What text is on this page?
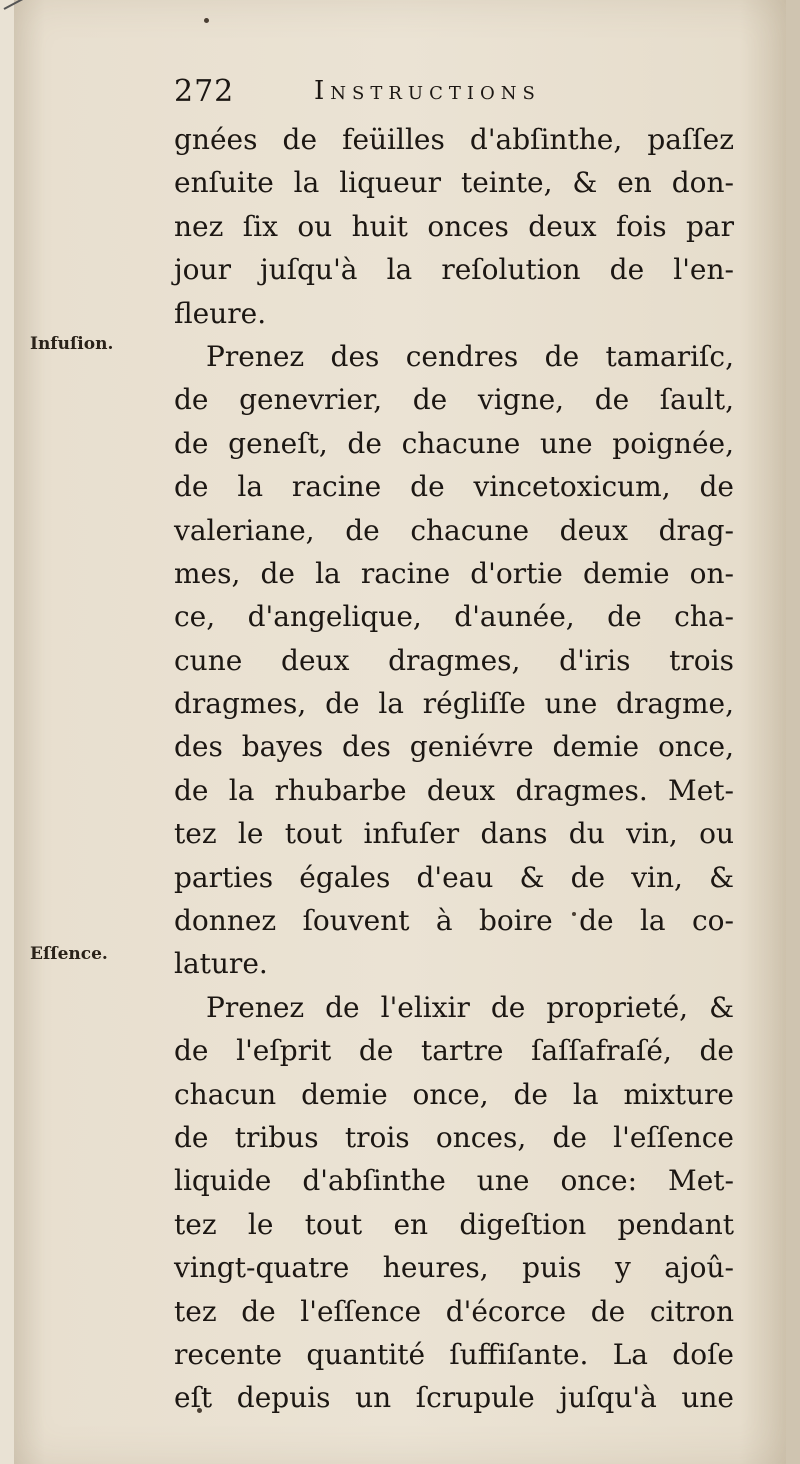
272	Instructions
Infuſion.
Eſſence.
gnées de feüilles d'abſinthe, paſſez
enſuite la liqueur teinte, & en don-
nez ſix ou huit onces deux fois par
jour juſqu'à la reſolution de l'en-
fleure.
Prenez des cendres de tamariſc,
de genevrier, de vigne, de ſault,
de geneſt, de chacune une poignée,
de la racine de vincetoxicum, de
valeriane, de chacune deux drag-
mes, de la racine d'ortie demie on-
ce, d'angelique, d'aunée, de cha-
cune deux dragmes, d'iris trois
dragmes, de la régliſſe une dragme,
des bayes des geniévre demie once,
de la rhubarbe deux dragmes. Met-
tez le tout infuſer dans du vin, ou
parties égales d'eau & de vin, &
donnez ſouvent à boire de la co-
lature.
Prenez de l'elixir de proprieté, &
de l'eſprit de tartre ſaſſafraſé, de
chacun demie once, de la mixture
de tribus trois onces, de l'eſſence
liquide d'abſinthe une once: Met-
tez le tout en digeſtion pendant
vingt-quatre heures, puis y ajoû-
tez de l'eſſence d'écorce de citron
recente quantité ſuffiſante. La doſe
eſt depuis un ſcrupule juſqu'à une
